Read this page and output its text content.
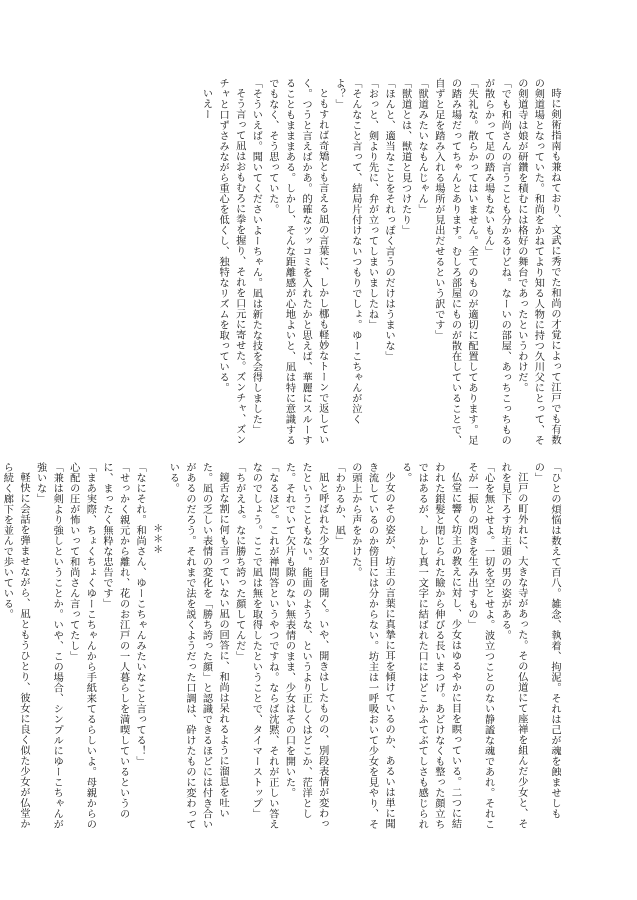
時に剣術指南も兼ねており、文武に秀でた和尚の才覚によって江戸でも有数の剣道場となっていた。和尚をかねてより知る人物に持つ久川父にとって、その剣道寺は娘が研鑽を積むには格好の舞台であったというわけだ。

「でも和尚さんの言うことも分かるけどね。なーいの部屋、あっちこっちものが散らかって足の踏み場もないもん」

「失礼な。散らかってはいません。全てのものが適切に配置してあります。足の踏み場だってちゃんとあります。むしろ部屋にものが散在していることで、自ずと足を踏み入れる場所が見出だせるという訳です」

「獣道みたいなもんじゃん」

「獣道とは、獣道と見つけたり」

「ほんと、適当なことをそれっぽく言うのだけはうまいな」

「おっと、剣より先に、弁が立ってしまいましたね」

「そんなこと言って、結局片付けないつもりでしょ。ゆーこちゃんが泣くよ？」

ともすれば奇矯とも言える凪の言葉に、しかし梛も軽妙なトーンで返していく。つうと言えばかあ。的確なツッコミを入れたかと思えば、華麗にスルーすることもまままある。しかし、そんな距離感が心地よいと、凪は特に意識するでもなく、そう思っていた。

「そういえば。聞いてくださいよーちゃん。凪は新たな技を会得しました」

そう言って凪はおもむろに拳を握り、それを口元に寄せた。ズンチャ、ズンチャと口ずさみながら重心を低くし、独特なリズムを取っている。

いえー

「ひとの煩悩は数えて百八。雑念、執着、拘泥。それは己が魂を蝕ませしもの」

江戸の町外れに、大きな寺があった。その仏道にて座禅を組んだ少女と、それを見下ろす坊主頭の男の姿がある。

「心を無とせよ。一切を空とせよ。波立つことのない静謐な魂であれ。それこそが一振りの閃きを生み出すもの」

仏堂に響く坊主の教えに対し、少女はゆるやかに目を瞑っている。二つに結われた銀髪と閉じられた瞼から伸びる長いまつげ。あどけなくも整った顔立ちではあるが、しかし真一文字に結ばれた口にはどこかふてぶてしさも感じられる。

少女のその姿が、坊主の言葉に真摯に耳を傾けているのか、あるいは単に聞き流しているのか傍目には分からない。坊主は一呼吸おいて少女を見やり、その頭上から声をかけた。

「わかるか、凪」

凪と呼ばれた少女が目を開く。いや、開きはしたものの、別段表情が変わったということもない。能面のような、というより正しくはどこか、茫洋とした。それでいて欠片も隙のない無表情のまま、少女はその口を開いた。

「なるほど。これが禅問答というやつですね。ならば沈黙、それが正しい答えなのでしょう。ここで凪は無を取得したということで、タイマーストップ」

「ちがえよ。なに勝ち誇った顔してんだ」

鏡舌な割に何も言っていない凪の回答に、和尚は呆れるように溜息を吐いた。凪の乏しい表情の変化を「勝ち誇った顔」と認識できるほどには付き合いがあるのだろう。それまで法を説くようだった口調は、砕けたものに変わっている。

＊＊＊

「なにそれ。和尚さん、ゆーこちゃんみたいなこと言ってる！」

「せっかく親元から離れ、花のお江戸の一人暮らしを満喫しているというのに、まったく無粋な忠告です」

「まあ実際、ちょくちょくゆーこちゃんから手紙来てるらしいよ。母親からの心配の圧が怖いって和尚さん言ってたし」

「兼は剣より強しということか。いや、この場合、シンプルにゆーこちゃんが強いな」

軽快に会話を弾ませながら、凪ともうひとり、彼女に良く似た少女が仏堂から続く廊下を並んで歩いている。
